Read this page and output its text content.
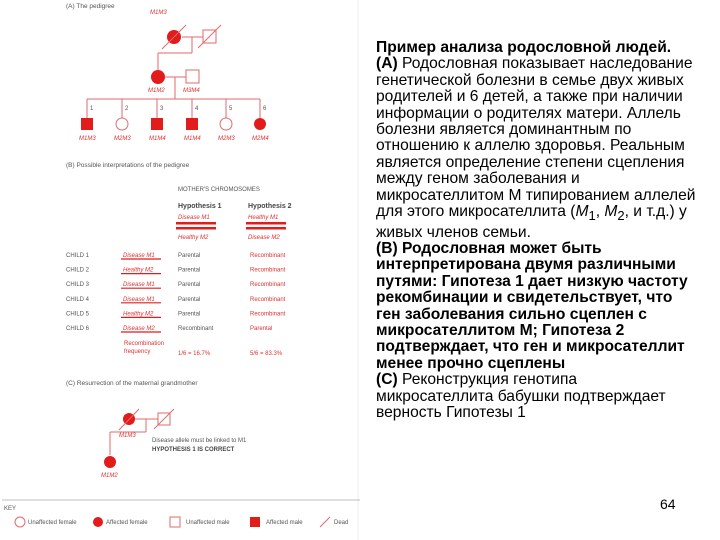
(A) The pedigree
M1M3
M1M2	M3M4
1	2	3	4	5	6
M1M3	M2M3	M1M4	M1M4	M2M3	M2M4
(B) Possible interpretations of the pedigree
MOTHER'S CHROMOSOMES
Hypothesis 1	Hypothesis 2
Disease M1	Healthy M1
Healthy M2	Disease M2
CHILD 1	Disease M1	Parental	Recombinant
CHILD 2	Healthy M2	Parental	Recombinant
CHILD 3	Disease M1	Parental	Recombinant
CHILD 4	Disease M1	Parental	Recombinant
CHILD 5	Healthy M2	Parental	Recombinant
CHILD 6	Disease M2	Recombinant	Parental
Recombination
frequency	1/6 = 16.7%	5/6 = 83.3%
(C) Resurrection of the maternal grandmother
M1M3
Disease allele must be linked to M1
HYPOTHESIS 1 IS CORRECT
M1M2
KEY
Unaffected female	Affected female	Unaffected male	Affected male	Dead

Пример анализа родословной людей.

(А) Родословная показывает наследование генетической болезни в семье двух живых родителей и 6 детей, а также при наличии информации о родителях матери. Аллель болезни является доминантным по отношению к аллелю здоровья. Реальным является определение степени сцепления между геном заболевания и микросателлитом M типированием аллелей для этого микросателлита ($M_1$, $M_2$, и т.д.) у живых членов семьи.

(B) Родословная может быть интерпретирована двумя различными путями: Гипотеза 1 дает низкую частоту рекомбинации и свидетельствует, что ген заболевания сильно сцеплен с микросателлитом M; Гипотеза 2 подтверждает, что ген и микросателлит менее прочно сцеплены

(С) Реконструкция генотипа микросателлита бабушки подтверждает верность Гипотезы 1

64
